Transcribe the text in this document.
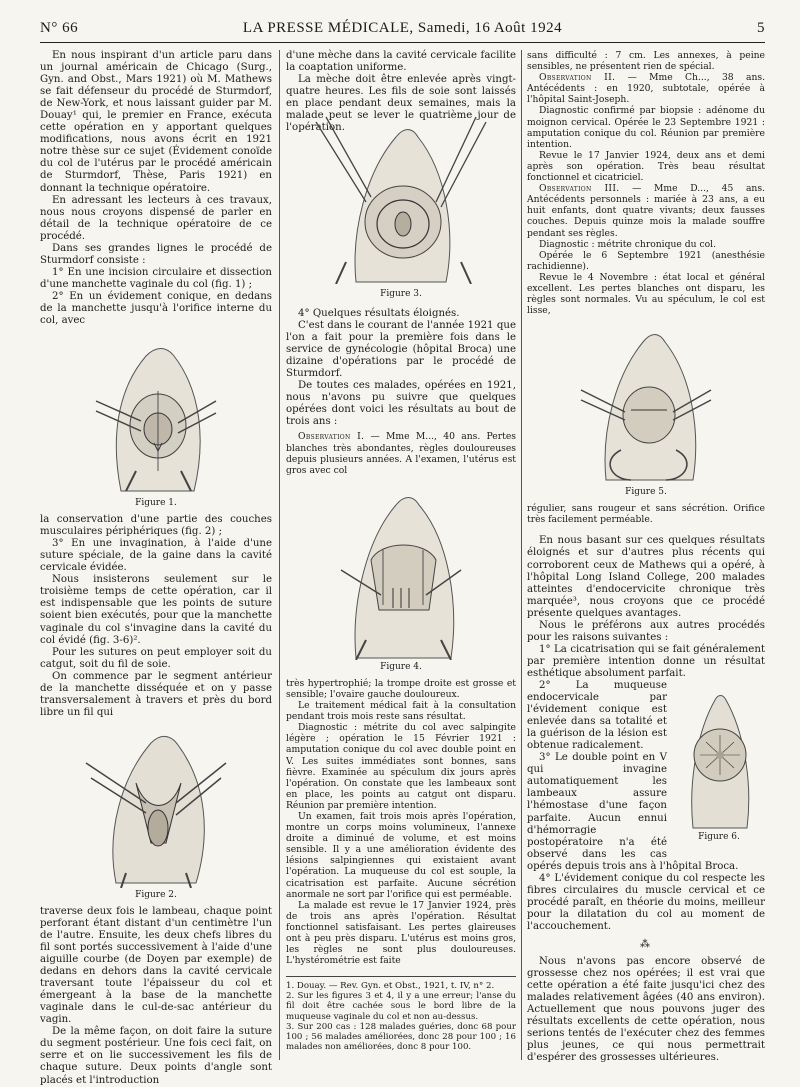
N° 66	LA PRESSE MÉDICALE, Samedi, 16 Août 1924	5

En nous inspirant d'un article paru dans un journal américain de Chicago (Surg., Gyn. and Obst., Mars 1921) où M. Mathews se fait défenseur du procédé de Sturmdorf, de New-York, et nous laissant guider par M. Douay¹ qui, le premier en France, exécuta cette opération en y apportant quelques modifications, nous avons écrit en 1921 notre thèse sur ce sujet (Évidement conoïde du col de l'utérus par le procédé américain de Sturmdorf, Thèse, Paris 1921) en donnant la technique opératoire.

En adressant les lecteurs à ces travaux, nous nous croyons dispensé de parler en détail de la technique opératoire de ce procédé.

Dans ses grandes lignes le procédé de Sturmdorf consiste :

1° En une incision circulaire et dissection d'une manchette vaginale du col (fig. 1) ;

2° En un évidement conique, en dedans de la manchette jusqu'à l'orifice interne du col, avec

Figure 1.

la conservation d'une partie des couches musculaires périphériques (fig. 2) ;

3° En une invagination, à l'aide d'une suture spéciale, de la gaine dans la cavité cervicale évidée.

Nous insisterons seulement sur le troisième temps de cette opération, car il est indispensable que les points de suture soient bien exécutés, pour que la manchette vaginale du col s'invagine dans la cavité du col évidé (fig. 3-6)².

Pour les sutures on peut employer soit du catgut, soit du fil de soie.

On commence par le segment antérieur de la manchette disséquée et on y passe transversalement à travers et près du bord libre un fil qui

Figure 2.

traverse deux fois le lambeau, chaque point perforant étant distant d'un centimètre l'un de l'autre. Ensuite, les deux chefs libres du fil sont portés successivement à l'aide d'une aiguille courbe (de Doyen par exemple) de dedans en dehors dans la cavité cervicale traversant toute l'épaisseur du col et émergeant à la base de la manchette vaginale dans le cul-de-sac antérieur du vagin.

De la même façon, on doit faire la suture du segment postérieur. Une fois ceci fait, on serre et on lie successivement les fils de chaque suture. Deux points d'angle sont placés et l'introduction

d'une mèche dans la cavité cervicale facilite la coaptation uniforme.

La mèche doit être enlevée après vingt-quatre heures. Les fils de soie sont laissés en place pendant deux semaines, mais la malade peut se lever le quatrième jour de l'opération.

Figure 3.

4° Quelques résultats éloignés.

C'est dans le courant de l'année 1921 que l'on a fait pour la première fois dans le service de gynécologie (hôpital Broca) une dizaine d'opérations par le procédé de Sturmdorf.

De toutes ces malades, opérées en 1921, nous n'avons pu suivre que quelques opérées dont voici les résultats au bout de trois ans :

Observation I. — Mme M..., 40 ans. Pertes blanches très abondantes, règles douloureuses depuis plusieurs années. A l'examen, l'utérus est gros avec col

Figure 4.

très hypertrophié; la trompe droite est grosse et sensible; l'ovaire gauche douloureux.

Le traitement médical fait à la consultation pendant trois mois reste sans résultat.

Diagnostic : métrite du col avec salpingite légère ; opération le 15 Février 1921 : amputation conique du col avec double point en V. Les suites immédiates sont bonnes, sans fièvre. Examinée au spéculum dix jours après l'opération. On constate que les lambeaux sont en place, les points au catgut ont disparu. Réunion par première intention.

Un examen, fait trois mois après l'opération, montre un corps moins volumineux, l'annexe droite a diminué de volume, et est moins sensible. Il y a une amélioration évidente des lésions salpingiennes qui existaient avant l'opération. La muqueuse du col est souple, la cicatrisation est parfaite. Aucune sécrétion anormale ne sort par l'orifice qui est perméable.

La malade est revue le 17 Janvier 1924, près de trois ans après l'opération. Résultat fonctionnel satisfaisant. Les pertes glaireuses ont à peu près disparu. L'utérus est moins gros, les règles ne sont plus douloureuses. L'hystérométrie est faite

1. Douay. — Rev. Gyn. et Obst., 1921, t. IV, n° 2.

2. Sur les figures 3 et 4, il y a une erreur; l'anse du fil doit être cachée sous le bord libre de la muqueuse vaginale du col et non au-dessus.

3. Sur 200 cas : 128 malades guéries, donc 68 pour 100 ; 56 malades améliorées, donc 28 pour 100 ; 16 malades non améliorées, donc 8 pour 100.

sans difficulté : 7 cm. Les annexes, à peine sensibles, ne présentent rien de spécial.

Observation II. — Mme Ch..., 38 ans. Antécédents : en 1920, subtotale, opérée à l'hôpital Saint-Joseph.

Diagnostic confirmé par biopsie : adénome du moignon cervical. Opérée le 23 Septembre 1921 : amputation conique du col. Réunion par première intention.

Revue le 17 Janvier 1924, deux ans et demi après son opération. Très beau résultat fonctionnel et cicatriciel.

Observation III. — Mme D..., 45 ans. Antécédents personnels : mariée à 23 ans, a eu huit enfants, dont quatre vivants; deux fausses couches. Depuis quinze mois la malade souffre pendant ses règles.

Diagnostic : métrite chronique du col.

Opérée le 6 Septembre 1921 (anesthésie rachidienne).

Revue le 4 Novembre : état local et général excellent. Les pertes blanches ont disparu, les règles sont normales. Vu au spéculum, le col est lisse,

Figure 5.

régulier, sans rougeur et sans sécrétion. Orifice très facilement perméable.

En nous basant sur ces quelques résultats éloignés et sur d'autres plus récents qui corroborent ceux de Mathews qui a opéré, à l'hôpital Long Island College, 200 malades atteintes d'endocervicite chronique très marquée³, nous croyons que ce procédé présente quelques avantages.

Nous le préférons aux autres procédés pour les raisons suivantes :

1° La cicatrisation qui se fait généralement par première intention donne un résultat esthétique absolument parfait.

Figure 6.

2° La muqueuse endocervicale par l'évidement conique est enlevée dans sa totalité et la guérison de la lésion est obtenue radicalement.

3° Le double point en V qui invagine automatiquement les lambeaux assure l'hémostase d'une façon parfaite. Aucun ennui d'hémorragie postopératoire n'a été observé dans les cas opérés depuis trois ans à l'hôpital Broca.

4° L'évidement conique du col respecte les fibres circulaires du muscle cervical et ce procédé paraît, en théorie du moins, meilleur pour la dilatation du col au moment de l'accouchement.

⁂

Nous n'avons pas encore observé de grossesse chez nos opérées; il est vrai que cette opération a été faite jusqu'ici chez des malades relativement âgées (40 ans environ). Actuellement que nous pouvons juger des résultats excellents de cette opération, nous serions tentés de l'exécuter chez des femmes plus jeunes, ce qui nous permettrait d'espérer des grossesses ultérieures.
